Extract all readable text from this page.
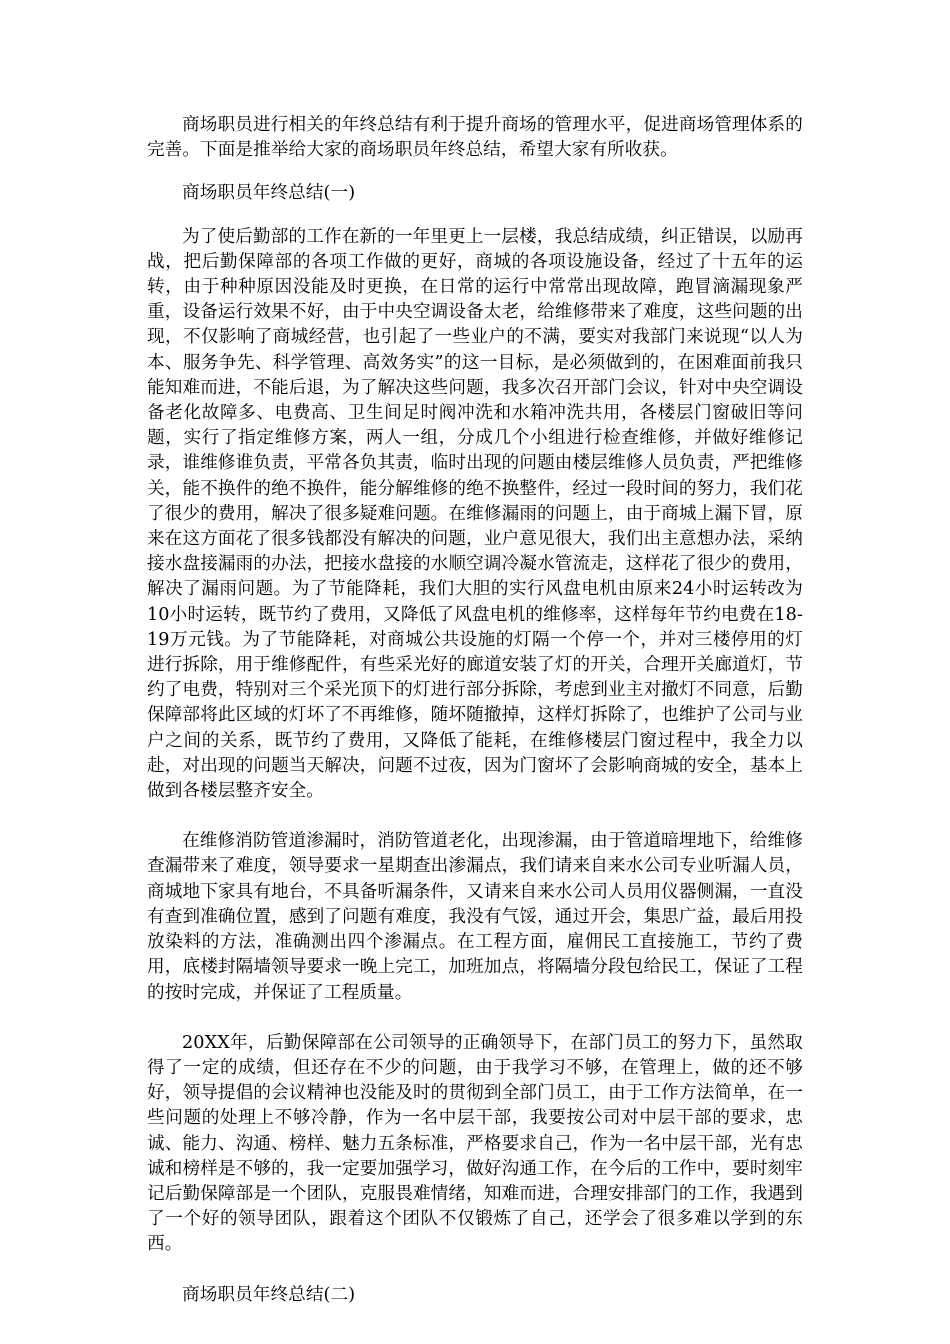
商场职员进行相关的年终总结有利于提升商场的管理水平，促进商场管理体系的完善。下面是推举给大家的商场职员年终总结，希望大家有所收获。

商场职员年终总结(一)

为了使后勤部的工作在新的一年里更上一层楼，我总结成绩，纠正错误，以励再战，把后勤保障部的各项工作做的更好，商城的各项设施设备，经过了十五年的运转，由于种种原因没能及时更换，在日常的运行中常常出现故障，跑冒滴漏现象严重，设备运行效果不好，由于中央空调设备太老，给维修带来了难度，这些问题的出现，不仅影响了商城经营，也引起了一些业户的不满，要实对我部门来说现“以人为本、服务争先、科学管理、高效务实”的这一目标，是必须做到的，在困难面前我只能知难而进，不能后退，为了解决这些问题，我多次召开部门会议，针对中央空调设备老化故障多、电费高、卫生间足时阀冲洗和水箱冲洗共用，各楼层门窗破旧等问题，实行了指定维修方案，两人一组，分成几个小组进行检查维修，并做好维修记录，谁维修谁负责，平常各负其责，临时出现的问题由楼层维修人员负责，严把维修关，能不换件的绝不换件，能分解维修的绝不换整件，经过一段时间的努力，我们花了很少的费用，解决了很多疑难问题。在维修漏雨的问题上，由于商城上漏下冒，原来在这方面花了很多钱都没有解决的问题，业户意见很大，我们出主意想办法，采纳接水盘接漏雨的办法，把接水盘接的水顺空调冷凝水管流走，这样花了很少的费用，解决了漏雨问题。为了节能降耗，我们大胆的实行风盘电机由原来24小时运转改为10小时运转，既节约了费用，又降低了风盘电机的维修率，这样每年节约电费在18-19万元钱。为了节能降耗，对商城公共设施的灯隔一个停一个，并对三楼停用的灯进行拆除，用于维修配件，有些采光好的廊道安装了灯的开关，合理开关廊道灯，节约了电费，特别对三个采光顶下的灯进行部分拆除，考虑到业主对撤灯不同意，后勤保障部将此区域的灯坏了不再维修，随坏随撤掉，这样灯拆除了，也维护了公司与业户之间的关系，既节约了费用，又降低了能耗，在维修楼层门窗过程中，我全力以赴，对出现的问题当天解决，问题不过夜，因为门窗坏了会影响商城的安全，基本上做到各楼层整齐安全。

在维修消防管道渗漏时，消防管道老化，出现渗漏，由于管道暗埋地下，给维修查漏带来了难度，领导要求一星期查出渗漏点，我们请来自来水公司专业听漏人员，商城地下家具有地台，不具备听漏条件，又请来自来水公司人员用仪器侧漏，一直没有查到准确位置，感到了问题有难度，我没有气馁，通过开会，集思广益，最后用投放染料的方法，准确测出四个渗漏点。在工程方面，雇佣民工直接施工，节约了费用，底楼封隔墙领导要求一晚上完工，加班加点，将隔墙分段包给民工，保证了工程的按时完成，并保证了工程质量。

20XX年，后勤保障部在公司领导的正确领导下，在部门员工的努力下，虽然取得了一定的成绩，但还存在不少的问题，由于我学习不够，在管理上，做的还不够好，领导提倡的会议精神也没能及时的贯彻到全部门员工，由于工作方法简单，在一些问题的处理上不够冷静，作为一名中层干部，我要按公司对中层干部的要求，忠诚、能力、沟通、榜样、魅力五条标准，严格要求自己，作为一名中层干部，光有忠诚和榜样是不够的，我一定要加强学习，做好沟通工作，在今后的工作中，要时刻牢记后勤保障部是一个团队，克服畏难情绪，知难而进，合理安排部门的工作，我遇到了一个好的领导团队，跟着这个团队不仅锻炼了自己，还学会了很多难以学到的东西。

商场职员年终总结(二)
